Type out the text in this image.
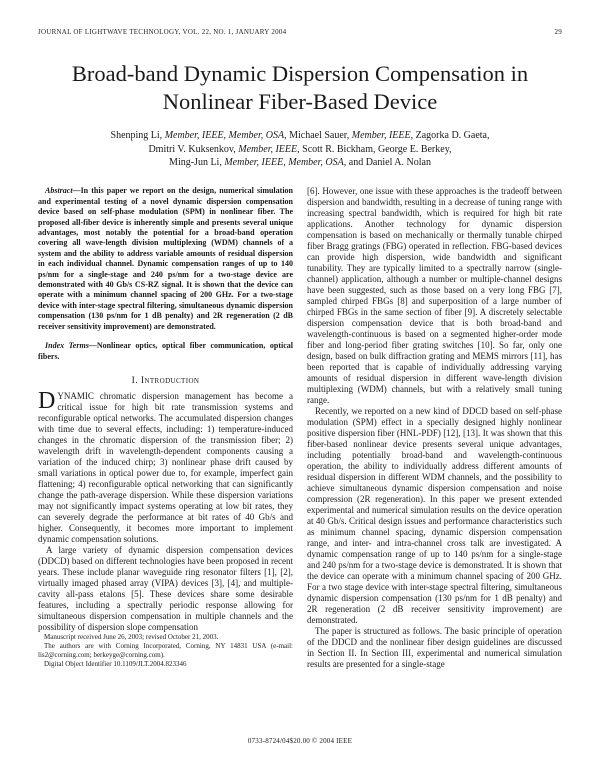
JOURNAL OF LIGHTWAVE TECHNOLOGY, VOL. 22, NO. 1, JANUARY 2004	29
Broad-band Dynamic Dispersion Compensation in
Nonlinear Fiber-Based Device
Shenping Li, Member, IEEE, Member, OSA, Michael Sauer, Member, IEEE, Zagorka D. Gaeta,
Dmitri V. Kuksenkov, Member, IEEE, Scott R. Bickham, George E. Berkey,
Ming-Jun Li, Member, IEEE, Member, OSA, and Daniel A. Nolan

Abstract—In this paper we report on the design, numerical simulation and experimental testing of a novel dynamic dispersion compensation device based on self-phase modulation (SPM) in nonlinear fiber. The proposed all-fiber device is inherently simple and presents several unique advantages, most notably the potential for a broad-band operation covering all wave-length division multiplexing (WDM) channels of a system and the ability to address variable amounts of residual dispersion in each individual channel. Dynamic compensation ranges of up to 140 ps/nm for a single-stage and 240 ps/nm for a two-stage device are demonstrated with 40 Gb/s CS-RZ signal. It is shown that the device can operate with a minimum channel spacing of 200 GHz. For a two-stage device with inter-stage spectral filtering, simultaneous dynamic dispersion compensation (130 ps/nm for 1 dB penalty) and 2R regeneration (2 dB receiver sensitivity improvement) are demonstrated.

Index Terms—Nonlinear optics, optical fiber communication, optical fibers.

I. Introduction

DYNAMIC chromatic dispersion management has become a critical issue for high bit rate transmission systems and reconfigurable optical networks. The accumulated dispersion changes with time due to several effects, including: 1) temperature-induced changes in the chromatic dispersion of the transmission fiber; 2) wavelength drift in wavelength-dependent components causing a variation of the induced chirp; 3) nonlinear phase drift caused by small variations in optical power due to, for example, imperfect gain flattening; 4) reconfigurable optical networking that can significantly change the path-average dispersion. While these dispersion variations may not significantly impact systems operating at low bit rates, they can severely degrade the performance at bit rates of 40 Gb/s and higher. Consequently, it becomes more important to implement dynamic compensation solutions.

A large variety of dynamic dispersion compensation devices (DDCD) based on different technologies have been proposed in recent years. These include planar waveguide ring resonator filters [1], [2], virtually imaged phased array (VIPA) devices [3], [4], and multiple-cavity all-pass etalons [5]. These devices share some desirable features, including a spectrally periodic response allowing for simultaneous dispersion compensation in multiple channels and the possibility of dispersion slope compensation

Manuscript received June 26, 2003; revised October 21, 2003.

The authors are with Corning Incorporated, Corning, NY 14831 USA (e-mail: lis2@corning.com; berkeyge@corning.com).

Digital Object Identifier 10.1109/JLT.2004.823346

[6]. However, one issue with these approaches is the tradeoff between dispersion and bandwidth, resulting in a decrease of tuning range with increasing spectral bandwidth, which is required for high bit rate applications. Another technology for dynamic dispersion compensation is based on mechanically or thermally tunable chirped fiber Bragg gratings (FBG) operated in reflection. FBG-based devices can provide high dispersion, wide bandwidth and significant tunability. They are typically limited to a spectrally narrow (single-channel) application, although a number or multiple-channel designs have been suggested, such as those based on a very long FBG [7], sampled chirped FBGs [8] and superposition of a large number of chirped FBGs in the same section of fiber [9]. A discretely selectable dispersion compensation device that is both broad-band and wavelength-continuous is based on a segmented higher-order mode fiber and long-period fiber grating switches [10]. So far, only one design, based on bulk diffraction grating and MEMS mirrors [11], has been reported that is capable of individually addressing varying amounts of residual dispersion in different wave-length division multiplexing (WDM) channels, but with a relatively small tuning range.

Recently, we reported on a new kind of DDCD based on self-phase modulation (SPM) effect in a specially designed highly nonlinear positive dispersion fiber (HNL-PDF) [12], [13]. It was shown that this fiber-based nonlinear device presents several unique advantages, including potentially broad-band and wavelength-continuous operation, the ability to individually address different amounts of residual dispersion in different WDM channels, and the possibility to achieve simultaneous dynamic dispersion compensation and noise compression (2R regeneration). In this paper we present extended experimental and numerical simulation results on the device operation at 40 Gb/s. Critical design issues and performance characteristics such as minimum channel spacing, dynamic dispersion compensation range, and inter- and intra-channel cross talk are investigated. A dynamic compensation range of up to 140 ps/nm for a single-stage and 240 ps/nm for a two-stage device is demonstrated. It is shown that the device can operate with a minimum channel spacing of 200 GHz. For a two stage device with inter-stage spectral filtering, simultaneous dynamic dispersion compensation (130 ps/nm for 1 dB penalty) and 2R regeneration (2 dB receiver sensitivity improvement) are demonstrated.

The paper is structured as follows. The basic principle of operation of the DDCD and the nonlinear fiber design guidelines are discussed in Section II. In Section III, experimental and numerical simulation results are presented for a single-stage

0733-8724/04$20.00 © 2004 IEEE
